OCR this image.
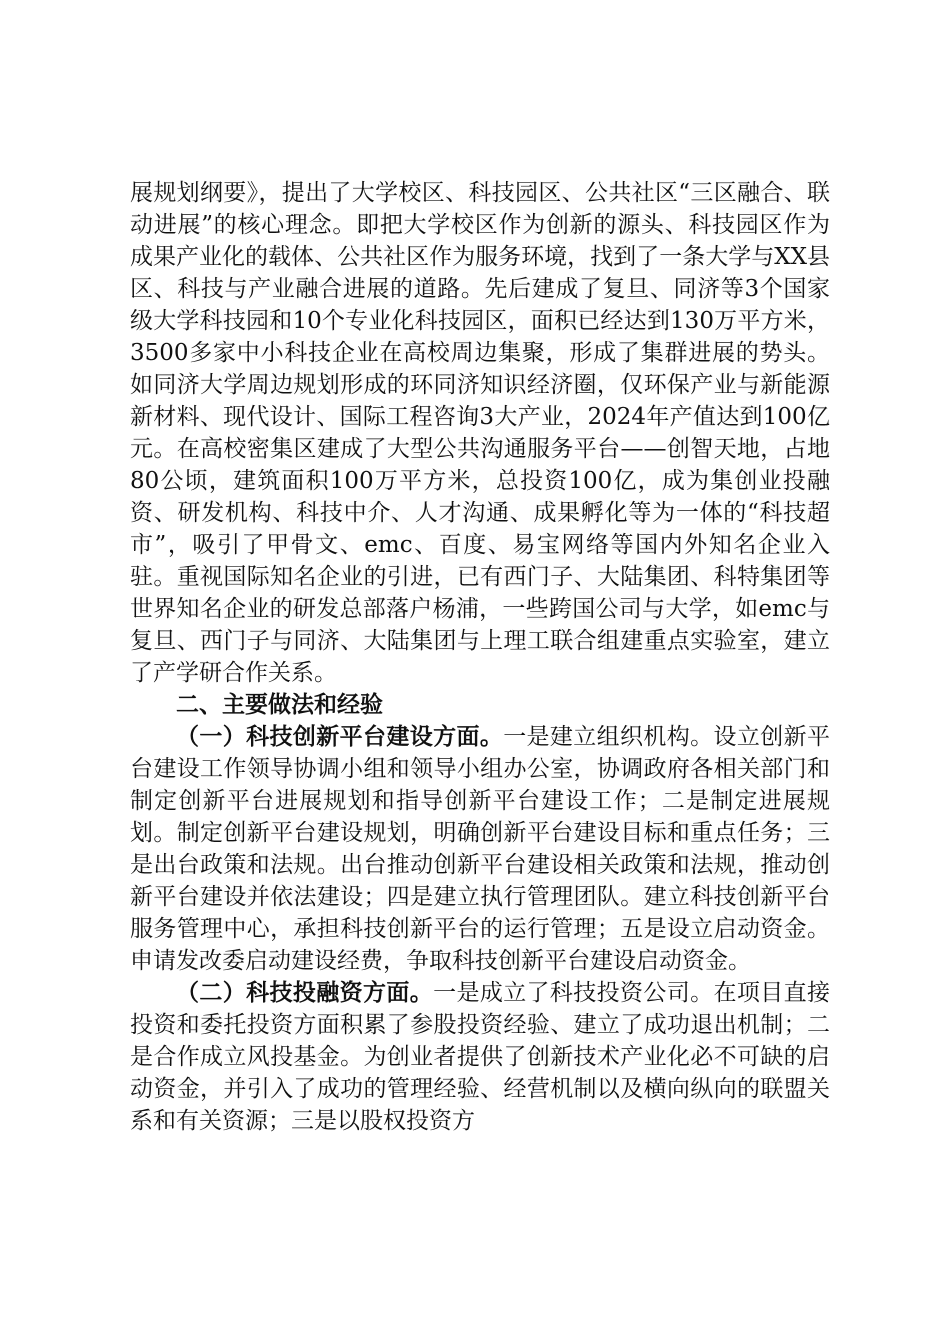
展规划纲要》，提出了大学校区、科技园区、公共社区“三区融合、联动进展”的核心理念。即把大学校区作为创新的源头、科技园区作为成果产业化的载体、公共社区作为服务环境，找到了一条大学与XX县区、科技与产业融合进展的道路。先后建成了复旦、同济等3个国家级大学科技园和10个专业化科技园区，面积已经达到130万平方米，3500多家中小科技企业在高校周边集聚，形成了集群进展的势头。如同济大学周边规划形成的环同济知识经济圈，仅环保产业与新能源新材料、现代设计、国际工程咨询3大产业，2024年产值达到100亿元。在高校密集区建成了大型公共沟通服务平台——创智天地，占地80公顷，建筑面积100万平方米，总投资100亿，成为集创业投融资、研发机构、科技中介、人才沟通、成果孵化等为一体的“科技超市”，吸引了甲骨文、emc、百度、易宝网络等国内外知名企业入驻。重视国际知名企业的引进，已有西门子、大陆集团、科特集团等世界知名企业的研发总部落户杨浦，一些跨国公司与大学，如emc与复旦、西门子与同济、大陆集团与上理工联合组建重点实验室，建立了产学研合作关系。

二、主要做法和经验

（一）科技创新平台建设方面。一是建立组织机构。设立创新平台建设工作领导协调小组和领导小组办公室，协调政府各相关部门和制定创新平台进展规划和指导创新平台建设工作；二是制定进展规划。制定创新平台建设规划，明确创新平台建设目标和重点任务；三是出台政策和法规。出台推动创新平台建设相关政策和法规，推动创新平台建设并依法建设；四是建立执行管理团队。建立科技创新平台服务管理中心，承担科技创新平台的运行管理；五是设立启动资金。申请发改委启动建设经费，争取科技创新平台建设启动资金。

（二）科技投融资方面。一是成立了科技投资公司。在项目直接投资和委托投资方面积累了参股投资经验、建立了成功退出机制；二是合作成立风投基金。为创业者提供了创新技术产业化必不可缺的启动资金，并引入了成功的管理经验、经营机制以及横向纵向的联盟关系和有关资源；三是以股权投资方
